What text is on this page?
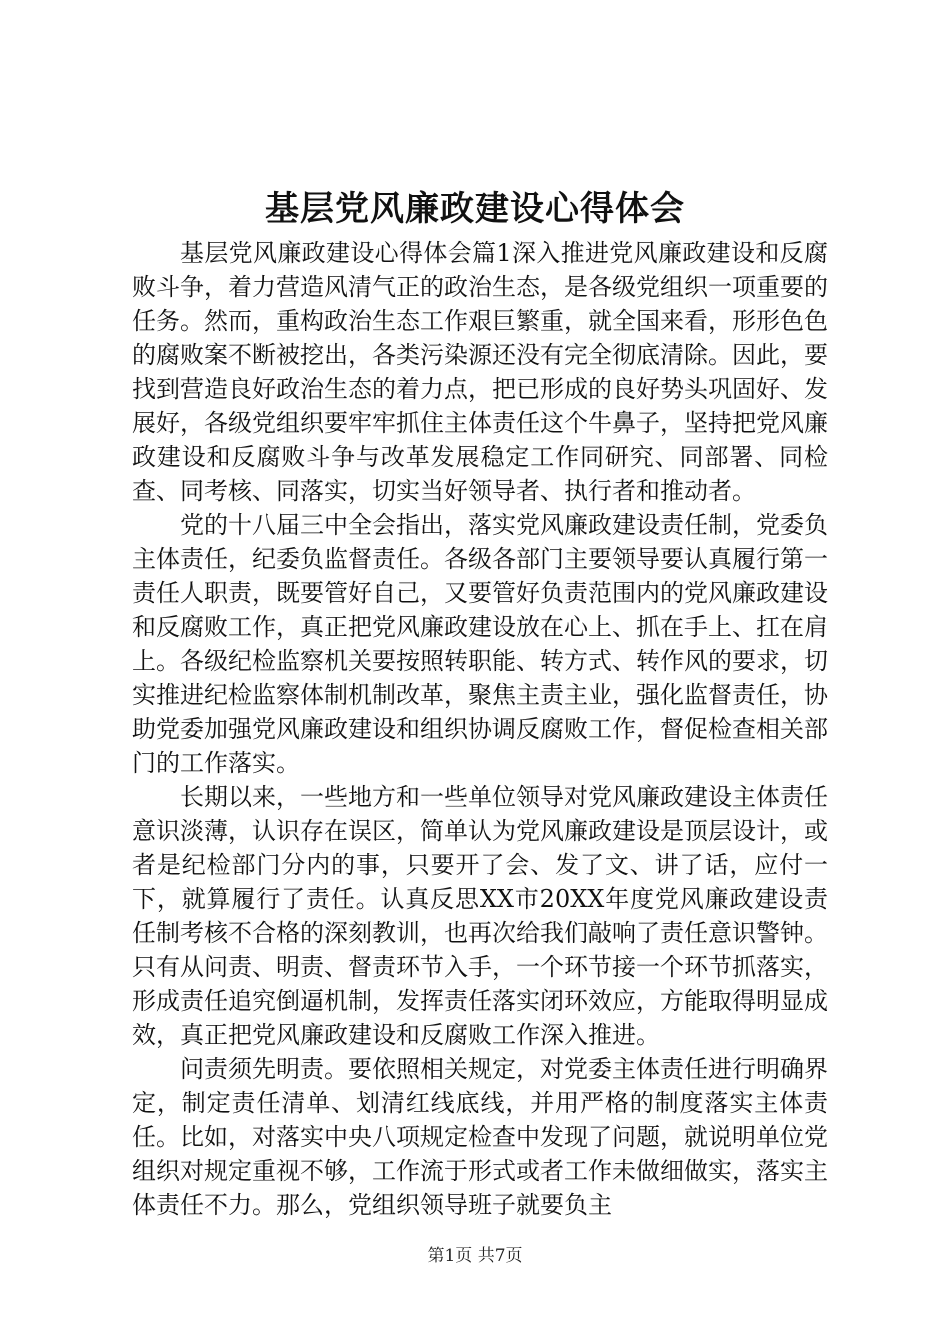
基层党风廉政建设心得体会

基层党风廉政建设心得体会篇1深入推进党风廉政建设和反腐败斗争，着力营造风清气正的政治生态，是各级党组织一项重要的任务。然而，重构政治生态工作艰巨繁重，就全国来看，形形色色的腐败案不断被挖出，各类污染源还没有完全彻底清除。因此，要找到营造良好政治生态的着力点，把已形成的良好势头巩固好、发展好，各级党组织要牢牢抓住主体责任这个牛鼻子，坚持把党风廉政建设和反腐败斗争与改革发展稳定工作同研究、同部署、同检查、同考核、同落实，切实当好领导者、执行者和推动者。

党的十八届三中全会指出，落实党风廉政建设责任制，党委负主体责任，纪委负监督责任。各级各部门主要领导要认真履行第一责任人职责，既要管好自己，又要管好负责范围内的党风廉政建设和反腐败工作，真正把党风廉政建设放在心上、抓在手上、扛在肩上。各级纪检监察机关要按照转职能、转方式、转作风的要求，切实推进纪检监察体制机制改革，聚焦主责主业，强化监督责任，协助党委加强党风廉政建设和组织协调反腐败工作，督促检查相关部门的工作落实。

长期以来，一些地方和一些单位领导对党风廉政建设主体责任意识淡薄，认识存在误区，简单认为党风廉政建设是顶层设计，或者是纪检部门分内的事，只要开了会、发了文、讲了话，应付一下，就算履行了责任。认真反思XX市20XX年度党风廉政建设责任制考核不合格的深刻教训，也再次给我们敲响了责任意识警钟。只有从问责、明责、督责环节入手，一个环节接一个环节抓落实，形成责任追究倒逼机制，发挥责任落实闭环效应，方能取得明显成效，真正把党风廉政建设和反腐败工作深入推进。

问责须先明责。要依照相关规定，对党委主体责任进行明确界定，制定责任清单、划清红线底线，并用严格的制度落实主体责任。比如，对落实中央八项规定检查中发现了问题，就说明单位党组织对规定重视不够，工作流于形式或者工作未做细做实，落实主体责任不力。那么，党组织领导班子就要负主

第1页 共7页
